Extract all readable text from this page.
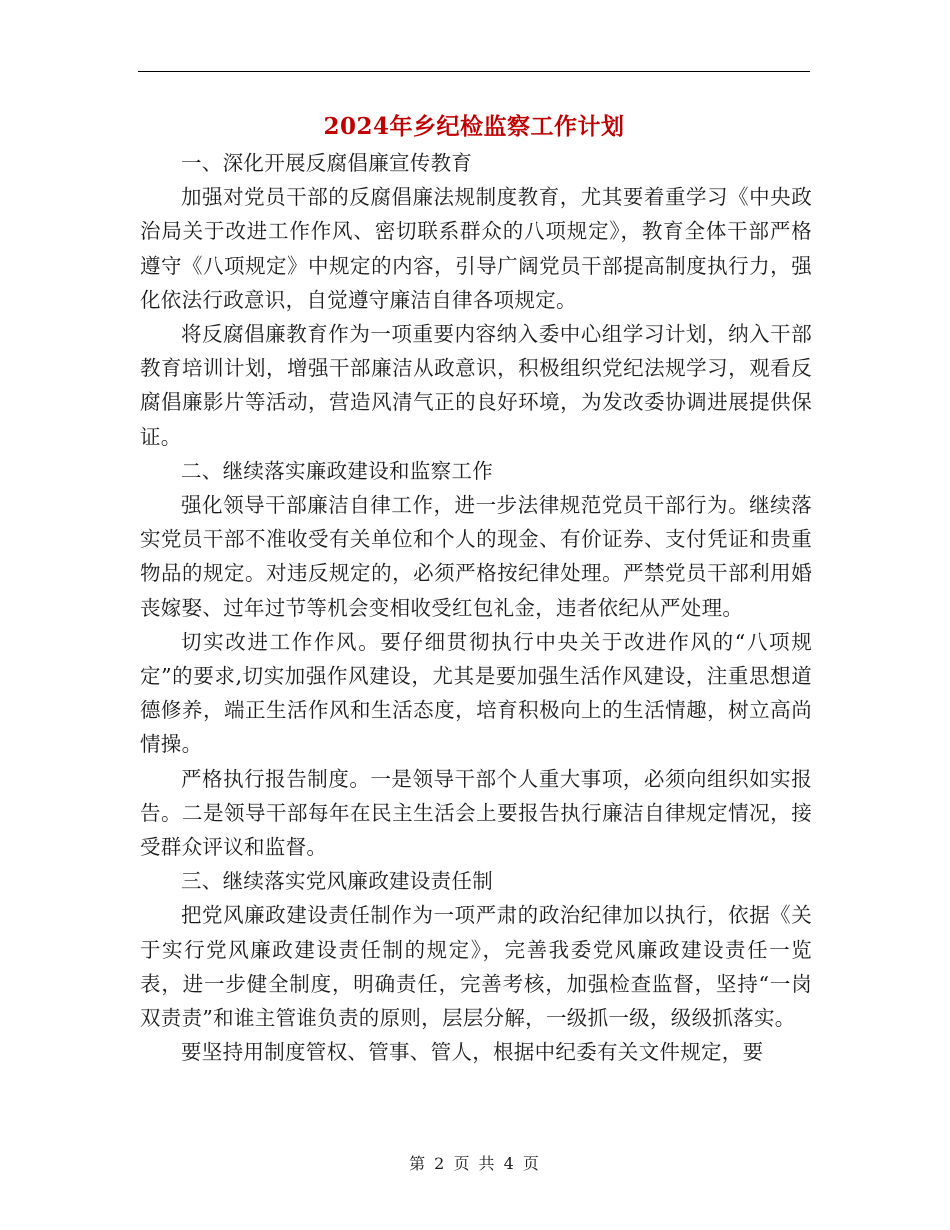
2024年乡纪检监察工作计划

一、深化开展反腐倡廉宣传教育

加强对党员干部的反腐倡廉法规制度教育，尤其要着重学习《中央政治局关于改进工作作风、密切联系群众的八项规定》，教育全体干部严格遵守《八项规定》中规定的内容，引导广阔党员干部提高制度执行力，强化依法行政意识，自觉遵守廉洁自律各项规定。

将反腐倡廉教育作为一项重要内容纳入委中心组学习计划，纳入干部教育培训计划，增强干部廉洁从政意识，积极组织党纪法规学习，观看反腐倡廉影片等活动，营造风清气正的良好环境，为发改委协调进展提供保证。

二、继续落实廉政建设和监察工作

强化领导干部廉洁自律工作，进一步法律规范党员干部行为。继续落实党员干部不准收受有关单位和个人的现金、有价证券、支付凭证和贵重物品的规定。对违反规定的，必须严格按纪律处理。严禁党员干部利用婚丧嫁娶、过年过节等机会变相收受红包礼金，违者依纪从严处理。

切实改进工作作风。要仔细贯彻执行中央关于改进作风的“八项规定”的要求,切实加强作风建设，尤其是要加强生活作风建设，注重思想道德修养，端正生活作风和生活态度，培育积极向上的生活情趣，树立高尚情操。

严格执行报告制度。一是领导干部个人重大事项，必须向组织如实报告。二是领导干部每年在民主生活会上要报告执行廉洁自律规定情况，接受群众评议和监督。

三、继续落实党风廉政建设责任制

把党风廉政建设责任制作为一项严肃的政治纪律加以执行，依据《关于实行党风廉政建设责任制的规定》，完善我委党风廉政建设责任一览表，进一步健全制度，明确责任，完善考核，加强检查监督，坚持“一岗双责责”和谁主管谁负责的原则，层层分解，一级抓一级，级级抓落实。

要坚持用制度管权、管事、管人，根据中纪委有关文件规定，要

第 2 页 共 4 页
